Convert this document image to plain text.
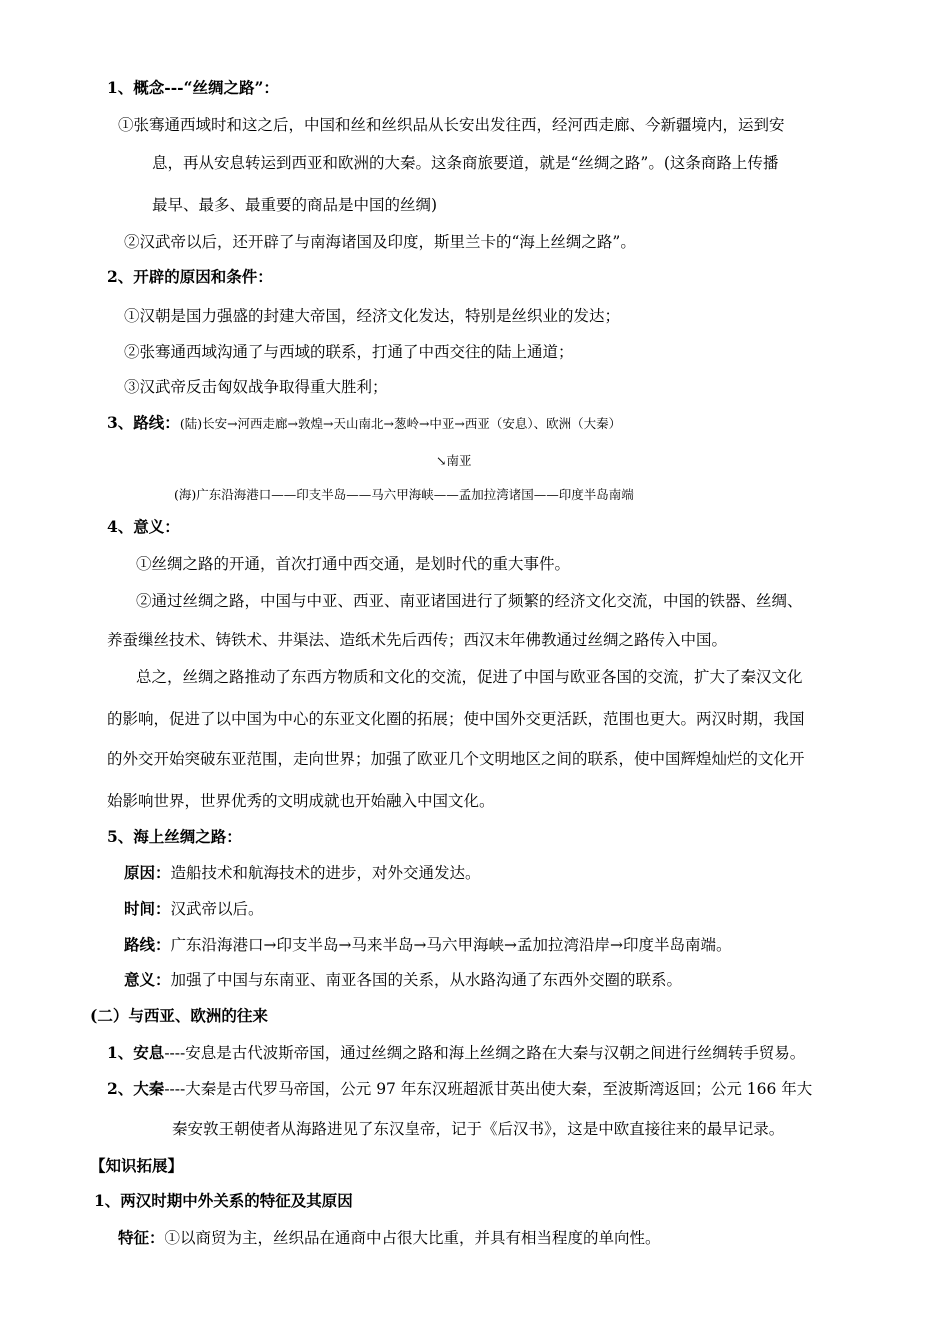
1、概念---“丝绸之路”：
①张骞通西域时和这之后，中国和丝和丝织品从长安出发往西，经河西走廊、今新疆境内，运到安
息，再从安息转运到西亚和欧洲的大秦。这条商旅要道，就是“丝绸之路”。(这条商路上传播
最早、最多、最重要的商品是中国的丝绸)
②汉武帝以后，还开辟了与南海诸国及印度，斯里兰卡的“海上丝绸之路”。
2、开辟的原因和条件：
①汉朝是国力强盛的封建大帝国，经济文化发达，特别是丝织业的发达；
②张骞通西域沟通了与西域的联系，打通了中西交往的陆上通道；
③汉武帝反击匈奴战争取得重大胜利；
3、路线：(陆)长安→河西走廊→敦煌→天山南北→葱岭→中亚→西亚（安息）、欧洲（大秦）
↘南亚
(海)广东沿海港口——印支半岛——马六甲海峡——孟加拉湾诸国——印度半岛南端
4、意义：
①丝绸之路的开通，首次打通中西交通，是划时代的重大事件。
②通过丝绸之路，中国与中亚、西亚、南亚诸国进行了频繁的经济文化交流，中国的铁器、丝绸、
养蚕缫丝技术、铸铁术、井渠法、造纸术先后西传；西汉末年佛教通过丝绸之路传入中国。
总之，丝绸之路推动了东西方物质和文化的交流，促进了中国与欧亚各国的交流，扩大了秦汉文化
的影响，促进了以中国为中心的东亚文化圈的拓展；使中国外交更活跃，范围也更大。两汉时期，我国
的外交开始突破东亚范围，走向世界；加强了欧亚几个文明地区之间的联系，使中国辉煌灿烂的文化开
始影响世界，世界优秀的文明成就也开始融入中国文化。
5、海上丝绸之路：
原因：造船技术和航海技术的进步，对外交通发达。
时间：汉武帝以后。
路线：广东沿海港口→印支半岛→马来半岛→马六甲海峡→孟加拉湾沿岸→印度半岛南端。
意义：加强了中国与东南亚、南亚各国的关系，从水路沟通了东西外交圈的联系。
(二）与西亚、欧洲的往来
1、安息----安息是古代波斯帝国，通过丝绸之路和海上丝绸之路在大秦与汉朝之间进行丝绸转手贸易。
2、大秦----大秦是古代罗马帝国，公元 97 年东汉班超派甘英出使大秦，至波斯湾返回；公元 166 年大
秦安敦王朝使者从海路进见了东汉皇帝，记于《后汉书》，这是中欧直接往来的最早记录。
【知识拓展】
1、两汉时期中外关系的特征及其原因
特征：①以商贸为主，丝织品在通商中占很大比重，并具有相当程度的单向性。
